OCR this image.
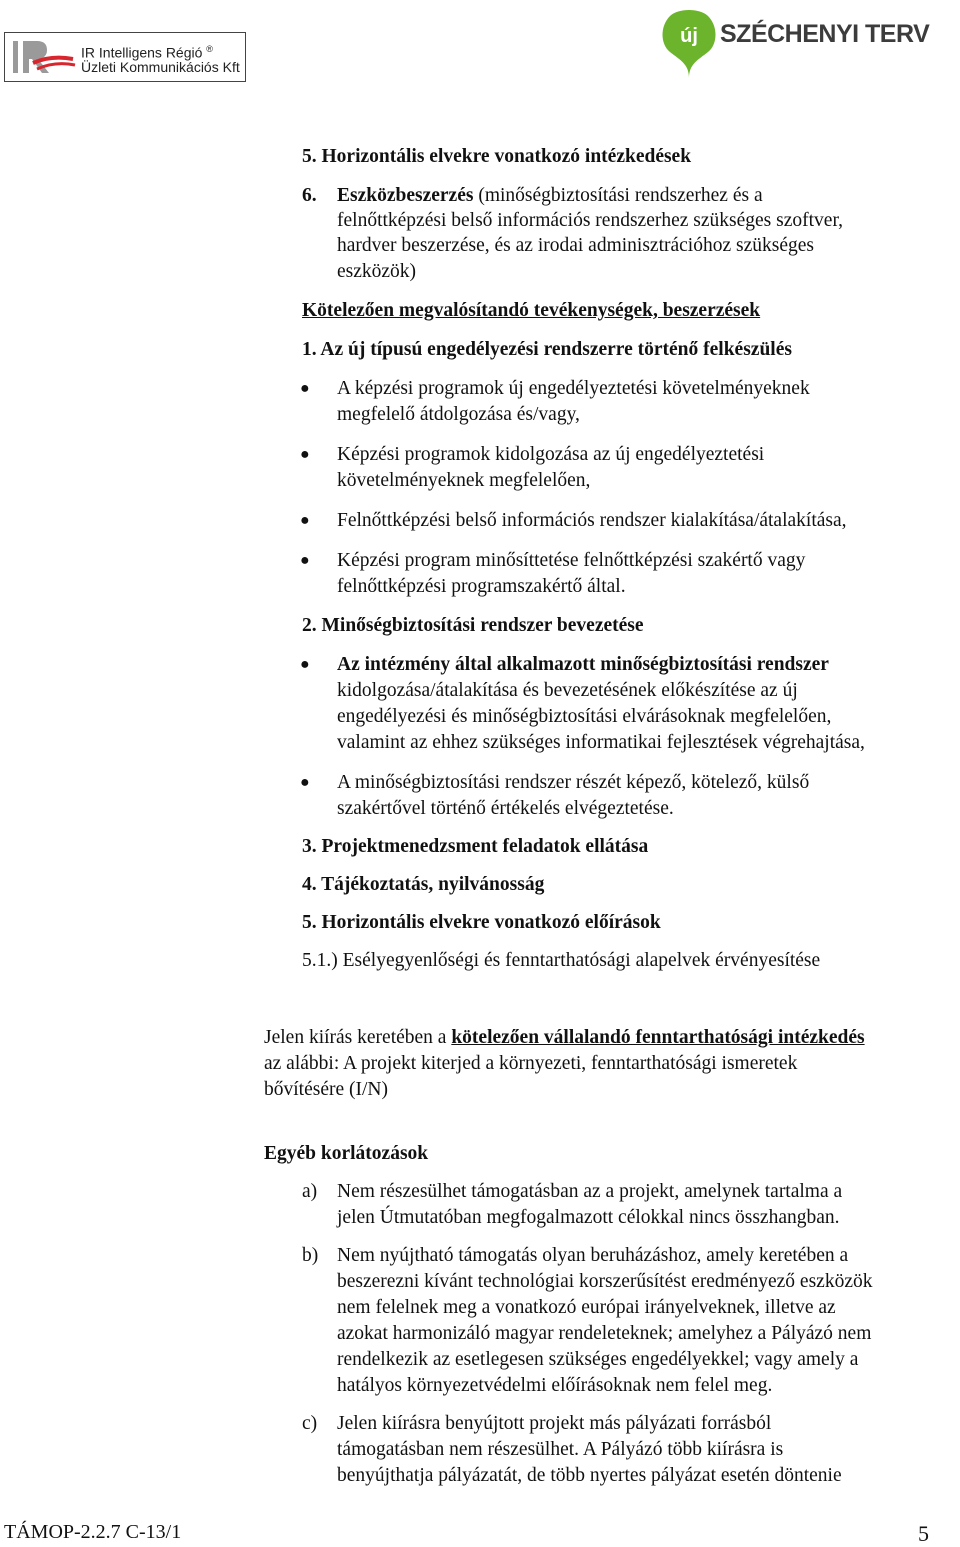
IR Intelligens Régió ®
Üzleti Kommunikációs Kft
új SZÉCHENYI TERV
5. Horizontális elvekre vonatkozó intézkedések
6. Eszközbeszerzés (minőségbiztosítási rendszerhez és a
felnőttképzési belső információs rendszerhez szükséges szoftver,
hardver beszerzése, és az irodai adminisztrációhoz szükséges
eszközök)
Kötelezően megvalósítandó tevékenységek, beszerzések
1. Az új típusú engedélyezési rendszerre történő felkészülés
● A képzési programok új engedélyeztetési követelményeknek
megfelelő átdolgozása és/vagy,
● Képzési programok kidolgozása az új engedélyeztetési
követelményeknek megfelelően,
● Felnőttképzési belső információs rendszer kialakítása/átalakítása,
● Képzési program minősíttetése felnőttképzési szakértő vagy
felnőttképzési programszakértő által.
2. Minőségbiztosítási rendszer bevezetése
● Az intézmény által alkalmazott minőségbiztosítási rendszer
kidolgozása/átalakítása és bevezetésének előkészítése az új
engedélyezési és minőségbiztosítási elvárásoknak megfelelően,
valamint az ehhez szükséges informatikai fejlesztések végrehajtása,
● A minőségbiztosítási rendszer részét képező, kötelező, külső
szakértővel történő értékelés elvégeztetése.
3. Projektmenedzsment feladatok ellátása
4. Tájékoztatás, nyilvánosság
5. Horizontális elvekre vonatkozó előírások
5.1.) Esélyegyenlőségi és fenntarthatósági alapelvek érvényesítése
Jelen kiírás keretében a kötelezően vállalandó fenntarthatósági intézkedés
az alábbi: A projekt kiterjed a környezeti, fenntarthatósági ismeretek
bővítésére (I/N)
Egyéb korlátozások
a) Nem részesülhet támogatásban az a projekt, amelynek tartalma a
jelen Útmutatóban megfogalmazott célokkal nincs összhangban.
b) Nem nyújtható támogatás olyan beruházáshoz, amely keretében a
beszerezni kívánt technológiai korszerűsítést eredményező eszközök
nem felelnek meg a vonatkozó európai irányelveknek, illetve az
azokat harmonizáló magyar rendeleteknek; amelyhez a Pályázó nem
rendelkezik az esetlegesen szükséges engedélyekkel; vagy amely a
hatályos környezetvédelmi előírásoknak nem felel meg.
c) Jelen kiírásra benyújtott projekt más pályázati forrásból
támogatásban nem részesülhet. A Pályázó több kiírásra is
benyújthatja pályázatát, de több nyertes pályázat esetén döntenie
TÁMOP-2.2.7 C-13/1	5
